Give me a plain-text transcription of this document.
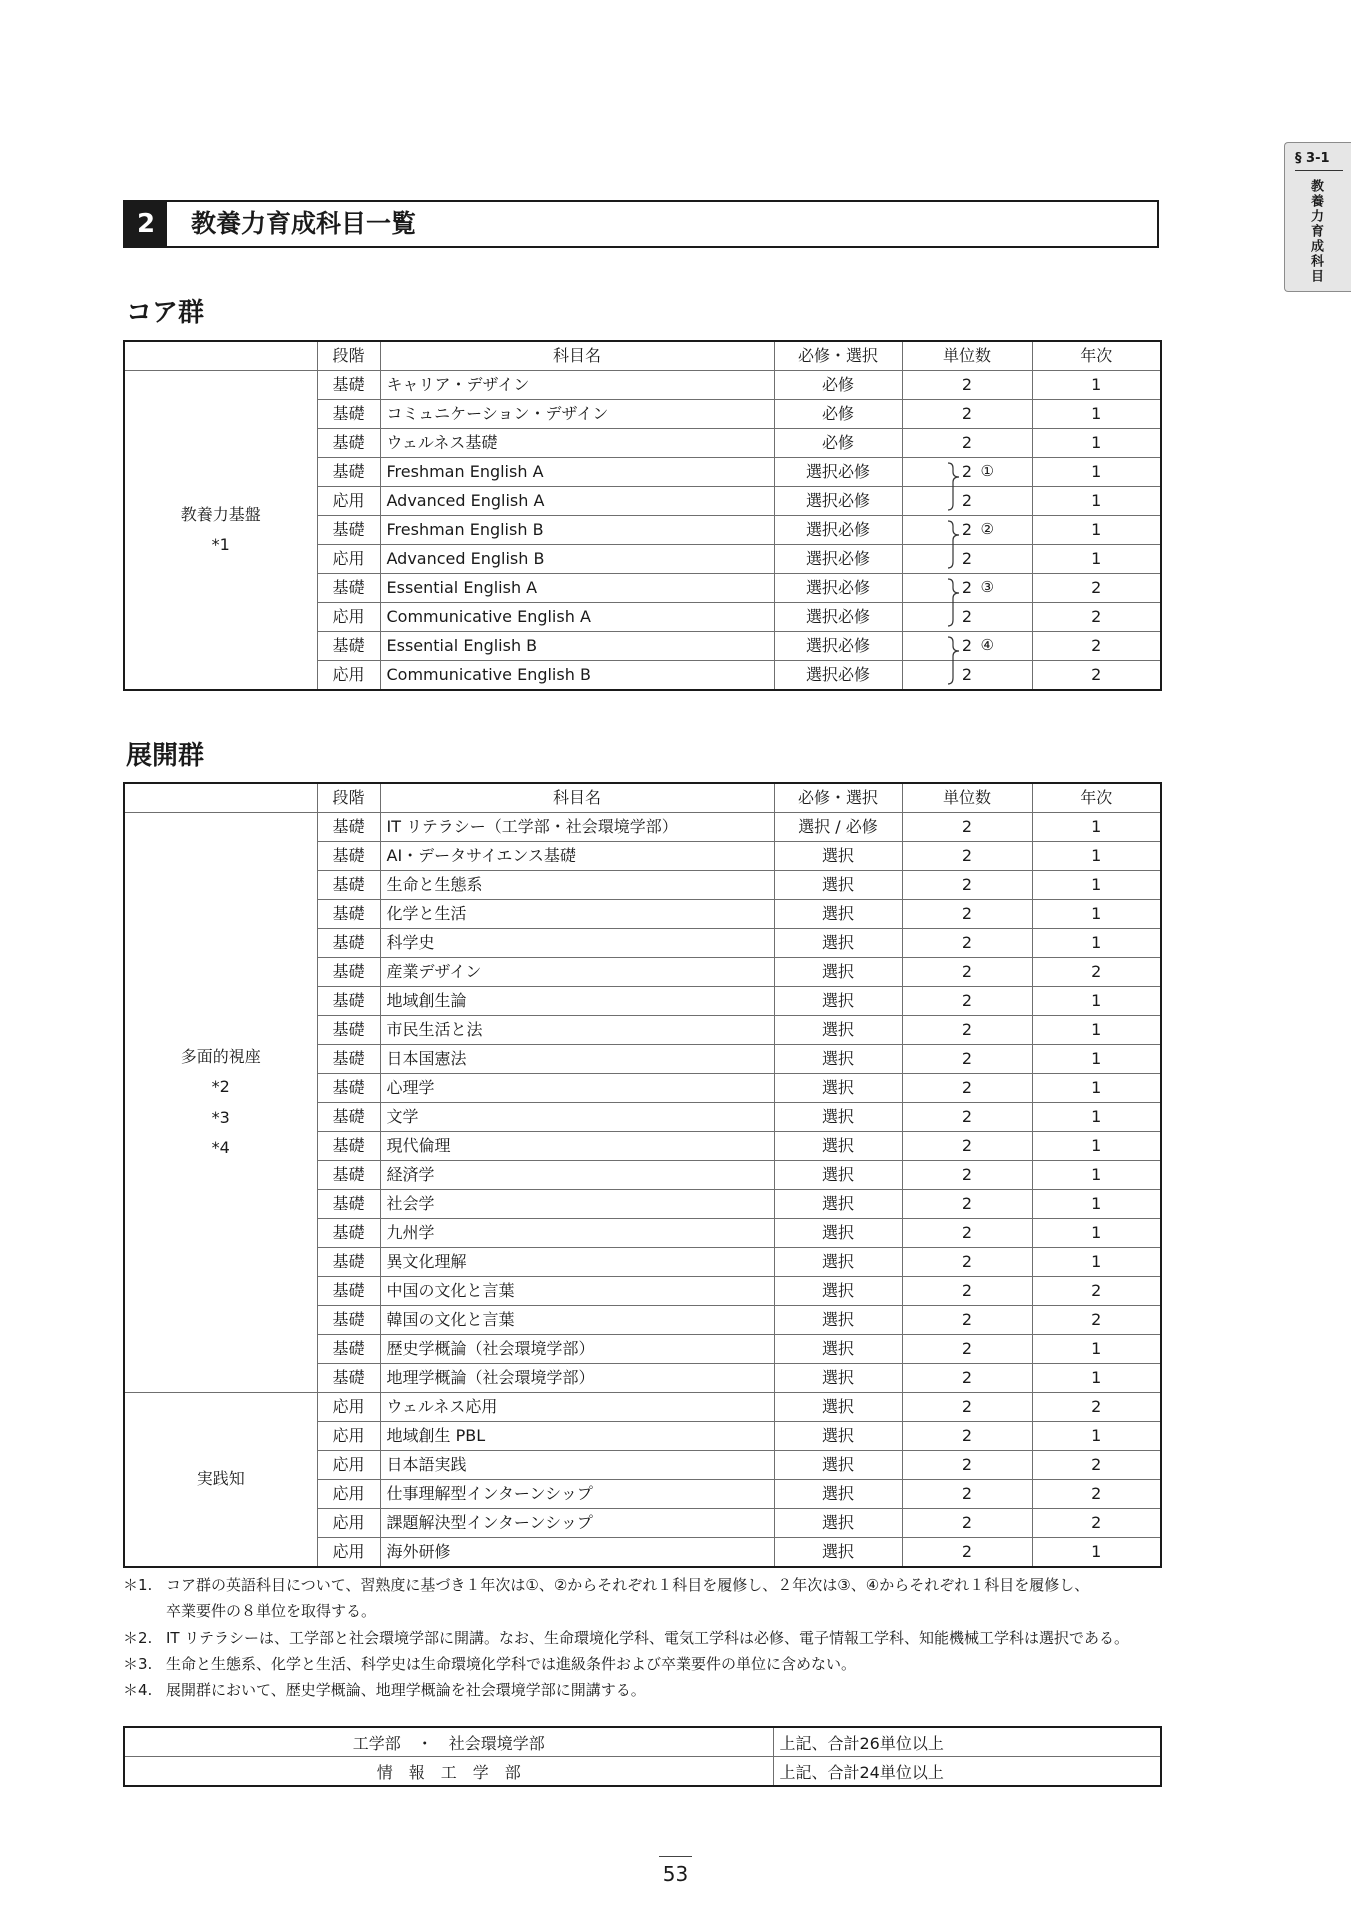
§ 3-1
教養力育成科目
2	教養力育成科目一覧
コア群
	段階	科目名	必修・選択	単位数	年次

教養力基盤
*1	基礎	キャリア・デザイン	必修	2	1
	基礎	コミュニケーション・デザイン	必修	2	1
	基礎	ウェルネス基礎	必修	2	1
	基礎	Freshman English A ①	選択必修	2	1
	応用	Advanced English A	選択必修	2	1
	基礎	Freshman English B ②	選択必修	2	1
	応用	Advanced English B	選択必修	2	1
	基礎	Essential English A ③	選択必修	2	2
	応用	Communicative English A	選択必修	2	2
	基礎	Essential English B ④	選択必修	2	2
	応用	Communicative English B	選択必修	2	2
展開群
	段階	科目名	必修・選択	単位数	年次

多面的視座
*2
*3
*4	基礎	IT リテラシー（工学部・社会環境学部）	選択 / 必修	2	1
	基礎	AI・データサイエンス基礎	選択	2	1
	基礎	生命と生態系	選択	2	1
	基礎	化学と生活	選択	2	1
	基礎	科学史	選択	2	1
	基礎	産業デザイン	選択	2	2
	基礎	地域創生論	選択	2	1
	基礎	市民生活と法	選択	2	1
	基礎	日本国憲法	選択	2	1
	基礎	心理学	選択	2	1
	基礎	文学	選択	2	1
	基礎	現代倫理	選択	2	1
	基礎	経済学	選択	2	1
	基礎	社会学	選択	2	1
	基礎	九州学	選択	2	1
	基礎	異文化理解	選択	2	1
	基礎	中国の文化と言葉	選択	2	2
	基礎	韓国の文化と言葉	選択	2	2
	基礎	歴史学概論（社会環境学部）	選択	2	1
	基礎	地理学概論（社会環境学部）	選択	2	1
実践知	応用	ウェルネス応用	選択	2	2
	応用	地域創生 PBL	選択	2	1
	応用	日本語実践	選択	2	2
	応用	仕事理解型インターンシップ	選択	2	2
	応用	課題解決型インターンシップ	選択	2	2
	応用	海外研修	選択	2	1
＊1. コア群の英語科目について、習熟度に基づき１年次は①、②からそれぞれ１科目を履修し、２年次は③、④からそれぞれ１科目を履修し、
卒業要件の８単位を取得する。
＊2. IT リテラシーは、工学部と社会環境学部に開講。なお、生命環境化学科、電気工学科は必修、電子情報工学科、知能機械工学科は選択である。
＊3. 生命と生態系、化学と生活、科学史は生命環境化学科では進級条件および卒業要件の単位に含めない。
＊4. 展開群において、歴史学概論、地理学概論を社会環境学部に開講する。
工学部　・　社会環境学部	上記、合計26単位以上
情　報　工　学　部	上記、合計24単位以上
53
